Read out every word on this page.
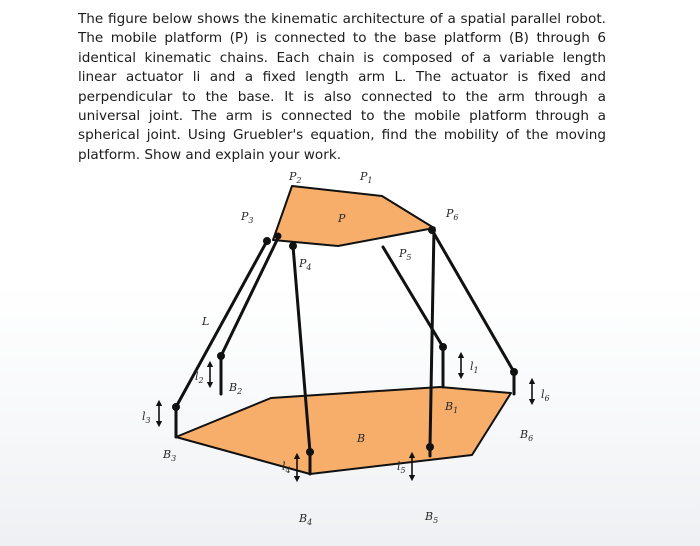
The figure below shows the kinematic architecture of a spatial parallel robot. The mobile platform (P) is connected to the base platform (B) through 6 identical kinematic chains. Each chain is composed of a variable length linear actuator li and a fixed length arm L. The actuator is fixed and perpendicular to the base. It is also connected to the arm through a universal joint. The arm is connected to the mobile platform through a spherical joint. Using Gruebler's equation, find the mobility of the moving platform. Show and explain your work.

$P_2$	$P_1$
$P_3$	P	$P_6$
$P_4$
$P_5$
L
$l_3$
$l_2$
$B_2$
$B_3$
B
$B_1$
$l_1$
$l_6$
$B_6$
$l_4$	$l_5$
$B_4$	$B_5$
